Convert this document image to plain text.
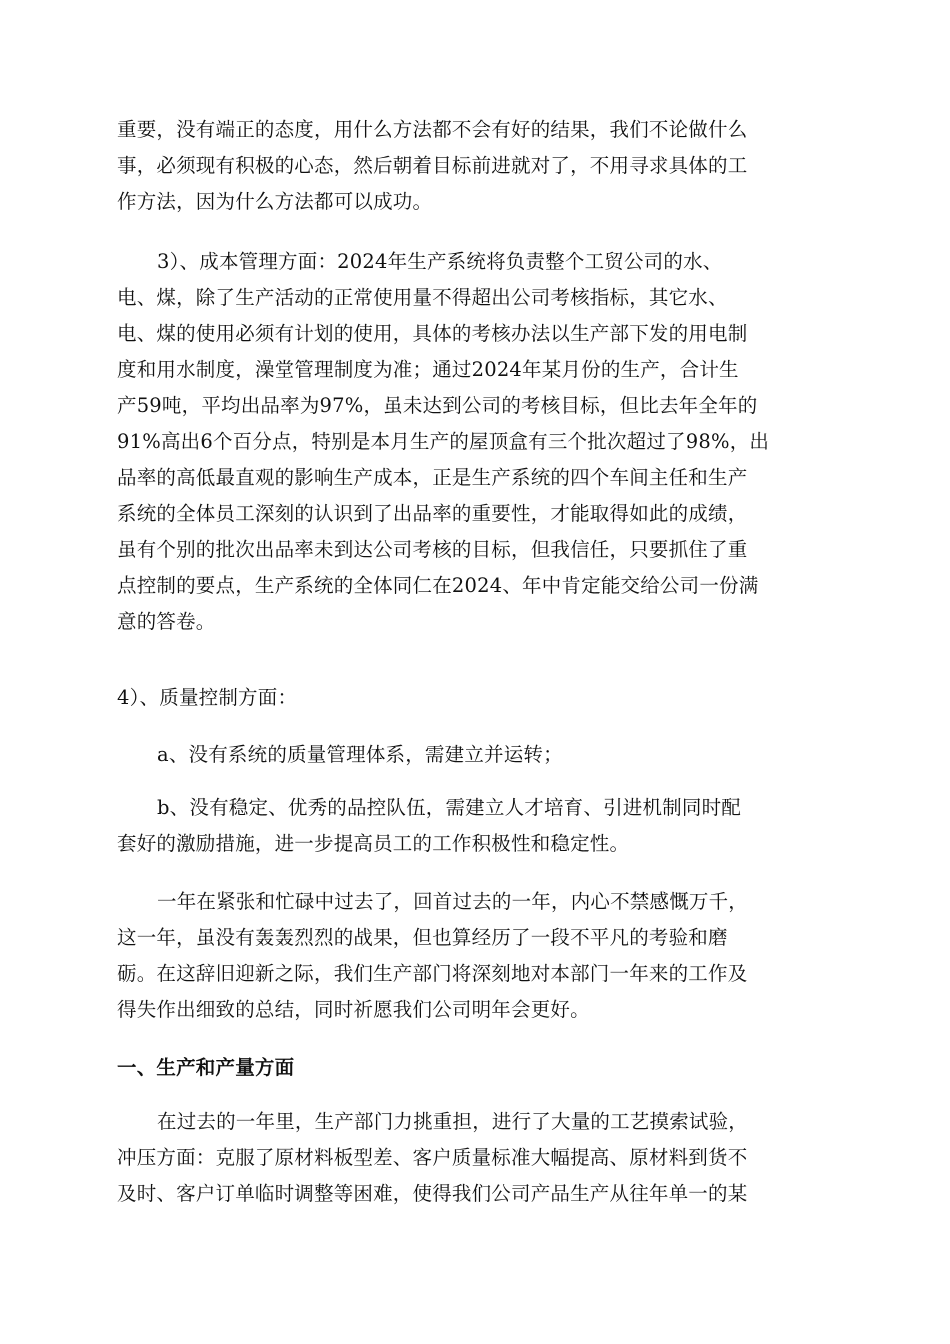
重要，没有端正的态度，用什么方法都不会有好的结果，我们不论做什么
事，必须现有积极的心态，然后朝着目标前进就对了，不用寻求具体的工
作方法，因为什么方法都可以成功。
3）、成本管理方面：2024年生产系统将负责整个工贸公司的水、
电、煤，除了生产活动的正常使用量不得超出公司考核指标，其它水、
电、煤的使用必须有计划的使用，具体的考核办法以生产部下发的用电制
度和用水制度，澡堂管理制度为准；通过2024年某月份的生产，合计生
产59吨，平均出品率为97%，虽未达到公司的考核目标，但比去年全年的
91%高出6个百分点，特别是本月生产的屋顶盒有三个批次超过了98%，出
品率的高低最直观的影响生产成本，正是生产系统的四个车间主任和生产
系统的全体员工深刻的认识到了出品率的重要性，才能取得如此的成绩，
虽有个别的批次出品率未到达公司考核的目标，但我信任，只要抓住了重
点控制的要点，生产系统的全体同仁在2024、年中肯定能交给公司一份满
意的答卷。
4）、质量控制方面：
a、没有系统的质量管理体系，需建立并运转；
b、没有稳定、优秀的品控队伍，需建立人才培育、引进机制同时配
套好的激励措施，进一步提高员工的工作积极性和稳定性。
一年在紧张和忙碌中过去了，回首过去的一年，内心不禁感慨万千，
这一年，虽没有轰轰烈烈的战果，但也算经历了一段不平凡的考验和磨
砺。在这辞旧迎新之际，我们生产部门将深刻地对本部门一年来的工作及
得失作出细致的总结，同时祈愿我们公司明年会更好。
一、生产和产量方面
在过去的一年里，生产部门力挑重担，进行了大量的工艺摸索试验，
冲压方面：克服了原材料板型差、客户质量标准大幅提高、原材料到货不
及时、客户订单临时调整等困难，使得我们公司产品生产从往年单一的某
